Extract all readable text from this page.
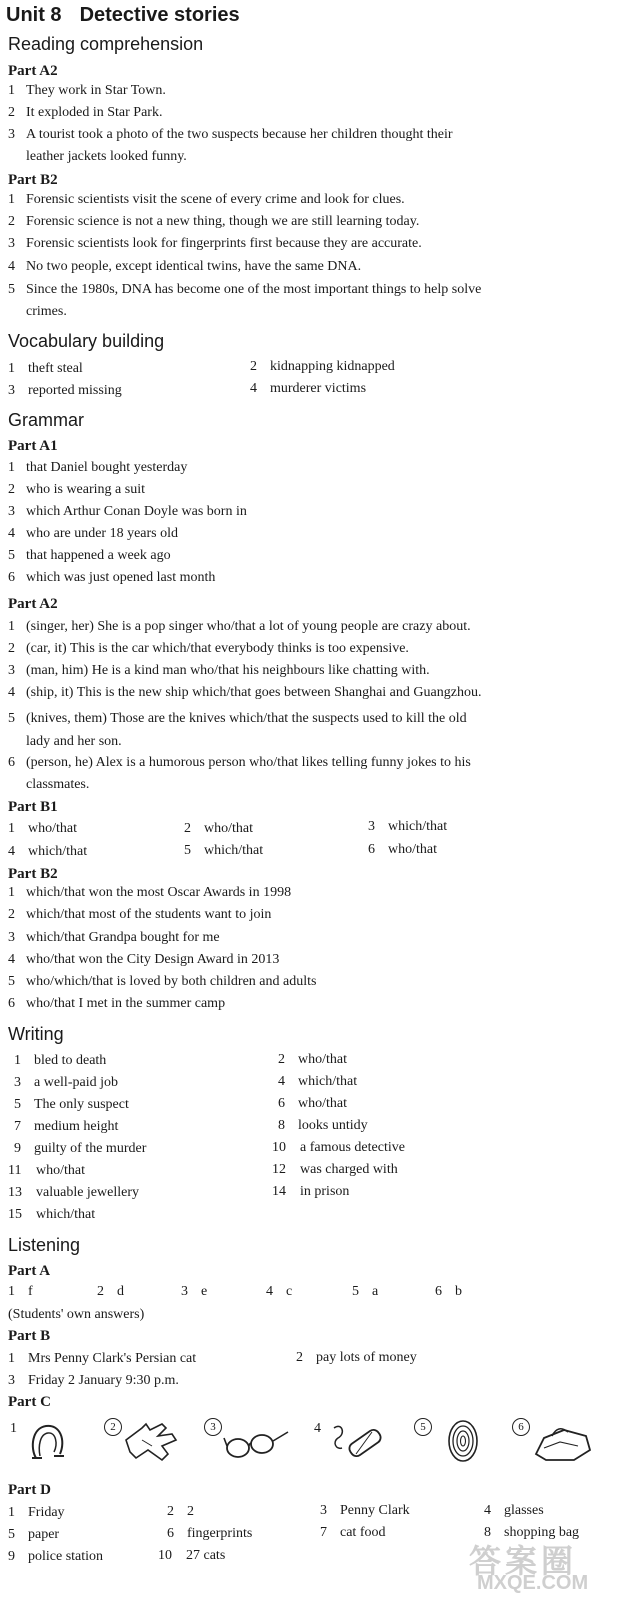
Unit 8 Detective stories
Reading comprehension
Part A2
1 They work in Star Town.
2 It exploded in Star Park.
3 A tourist took a photo of the two suspects because her children thought their
leather jackets looked funny.
Part B2
1 Forensic scientists visit the scene of every crime and look for clues.
2 Forensic science is not a new thing, though we are still learning today.
3 Forensic scientists look for fingerprints first because they are accurate.
4 No two people, except identical twins, have the same DNA.
5 Since the 1980s, DNA has become one of the most important things to help solve
crimes.
Vocabulary building
1 theft steal	2 kidnapping kidnapped
3 reported missing	4 murderer victims
Grammar
Part A1
1 that Daniel bought yesterday
2 who is wearing a suit
3 which Arthur Conan Doyle was born in
4 who are under 18 years old
5 that happened a week ago
6 which was just opened last month
Part A2
1 (singer, her) She is a pop singer who/that a lot of young people are crazy about.
2 (car, it) This is the car which/that everybody thinks is too expensive.
3 (man, him) He is a kind man who/that his neighbours like chatting with.
4 (ship, it) This is the new ship which/that goes between Shanghai and Guangzhou.
5 (knives, them) Those are the knives which/that the suspects used to kill the old
lady and her son.
6 (person, he) Alex is a humorous person who/that likes telling funny jokes to his
classmates.
Part B1
1 who/that	2 who/that	3 which/that
4 which/that	5 which/that	6 who/that
Part B2
1 which/that won the most Oscar Awards in 1998
2 which/that most of the students want to join
3 which/that Grandpa bought for me
4 who/that won the City Design Award in 2013
5 who/which/that is loved by both children and adults
6 who/that I met in the summer camp
Writing
1 bled to death	2 who/that
3 a well-paid job	4 which/that
5 The only suspect	6 who/that
7 medium height	8 looks untidy
9 guilty of the murder	10 a famous detective
11 who/that	12 was charged with
13 valuable jewellery	14 in prison
15 which/that
Listening
Part A
1 f	2 d	3 e	4 c	5 a	6 b
(Students' own answers)
Part B
1 Mrs Penny Clark's Persian cat	2 pay lots of money
3 Friday 2 January 9:30 p.m.
Part C
1	2	3	4	5	6
Part D
1 Friday	2 2	3 Penny Clark	4 glasses
5 paper	6 fingerprints	7 cat food	8 shopping bag
9 police station	10 27 cats	答案圈
MXQE.COM
